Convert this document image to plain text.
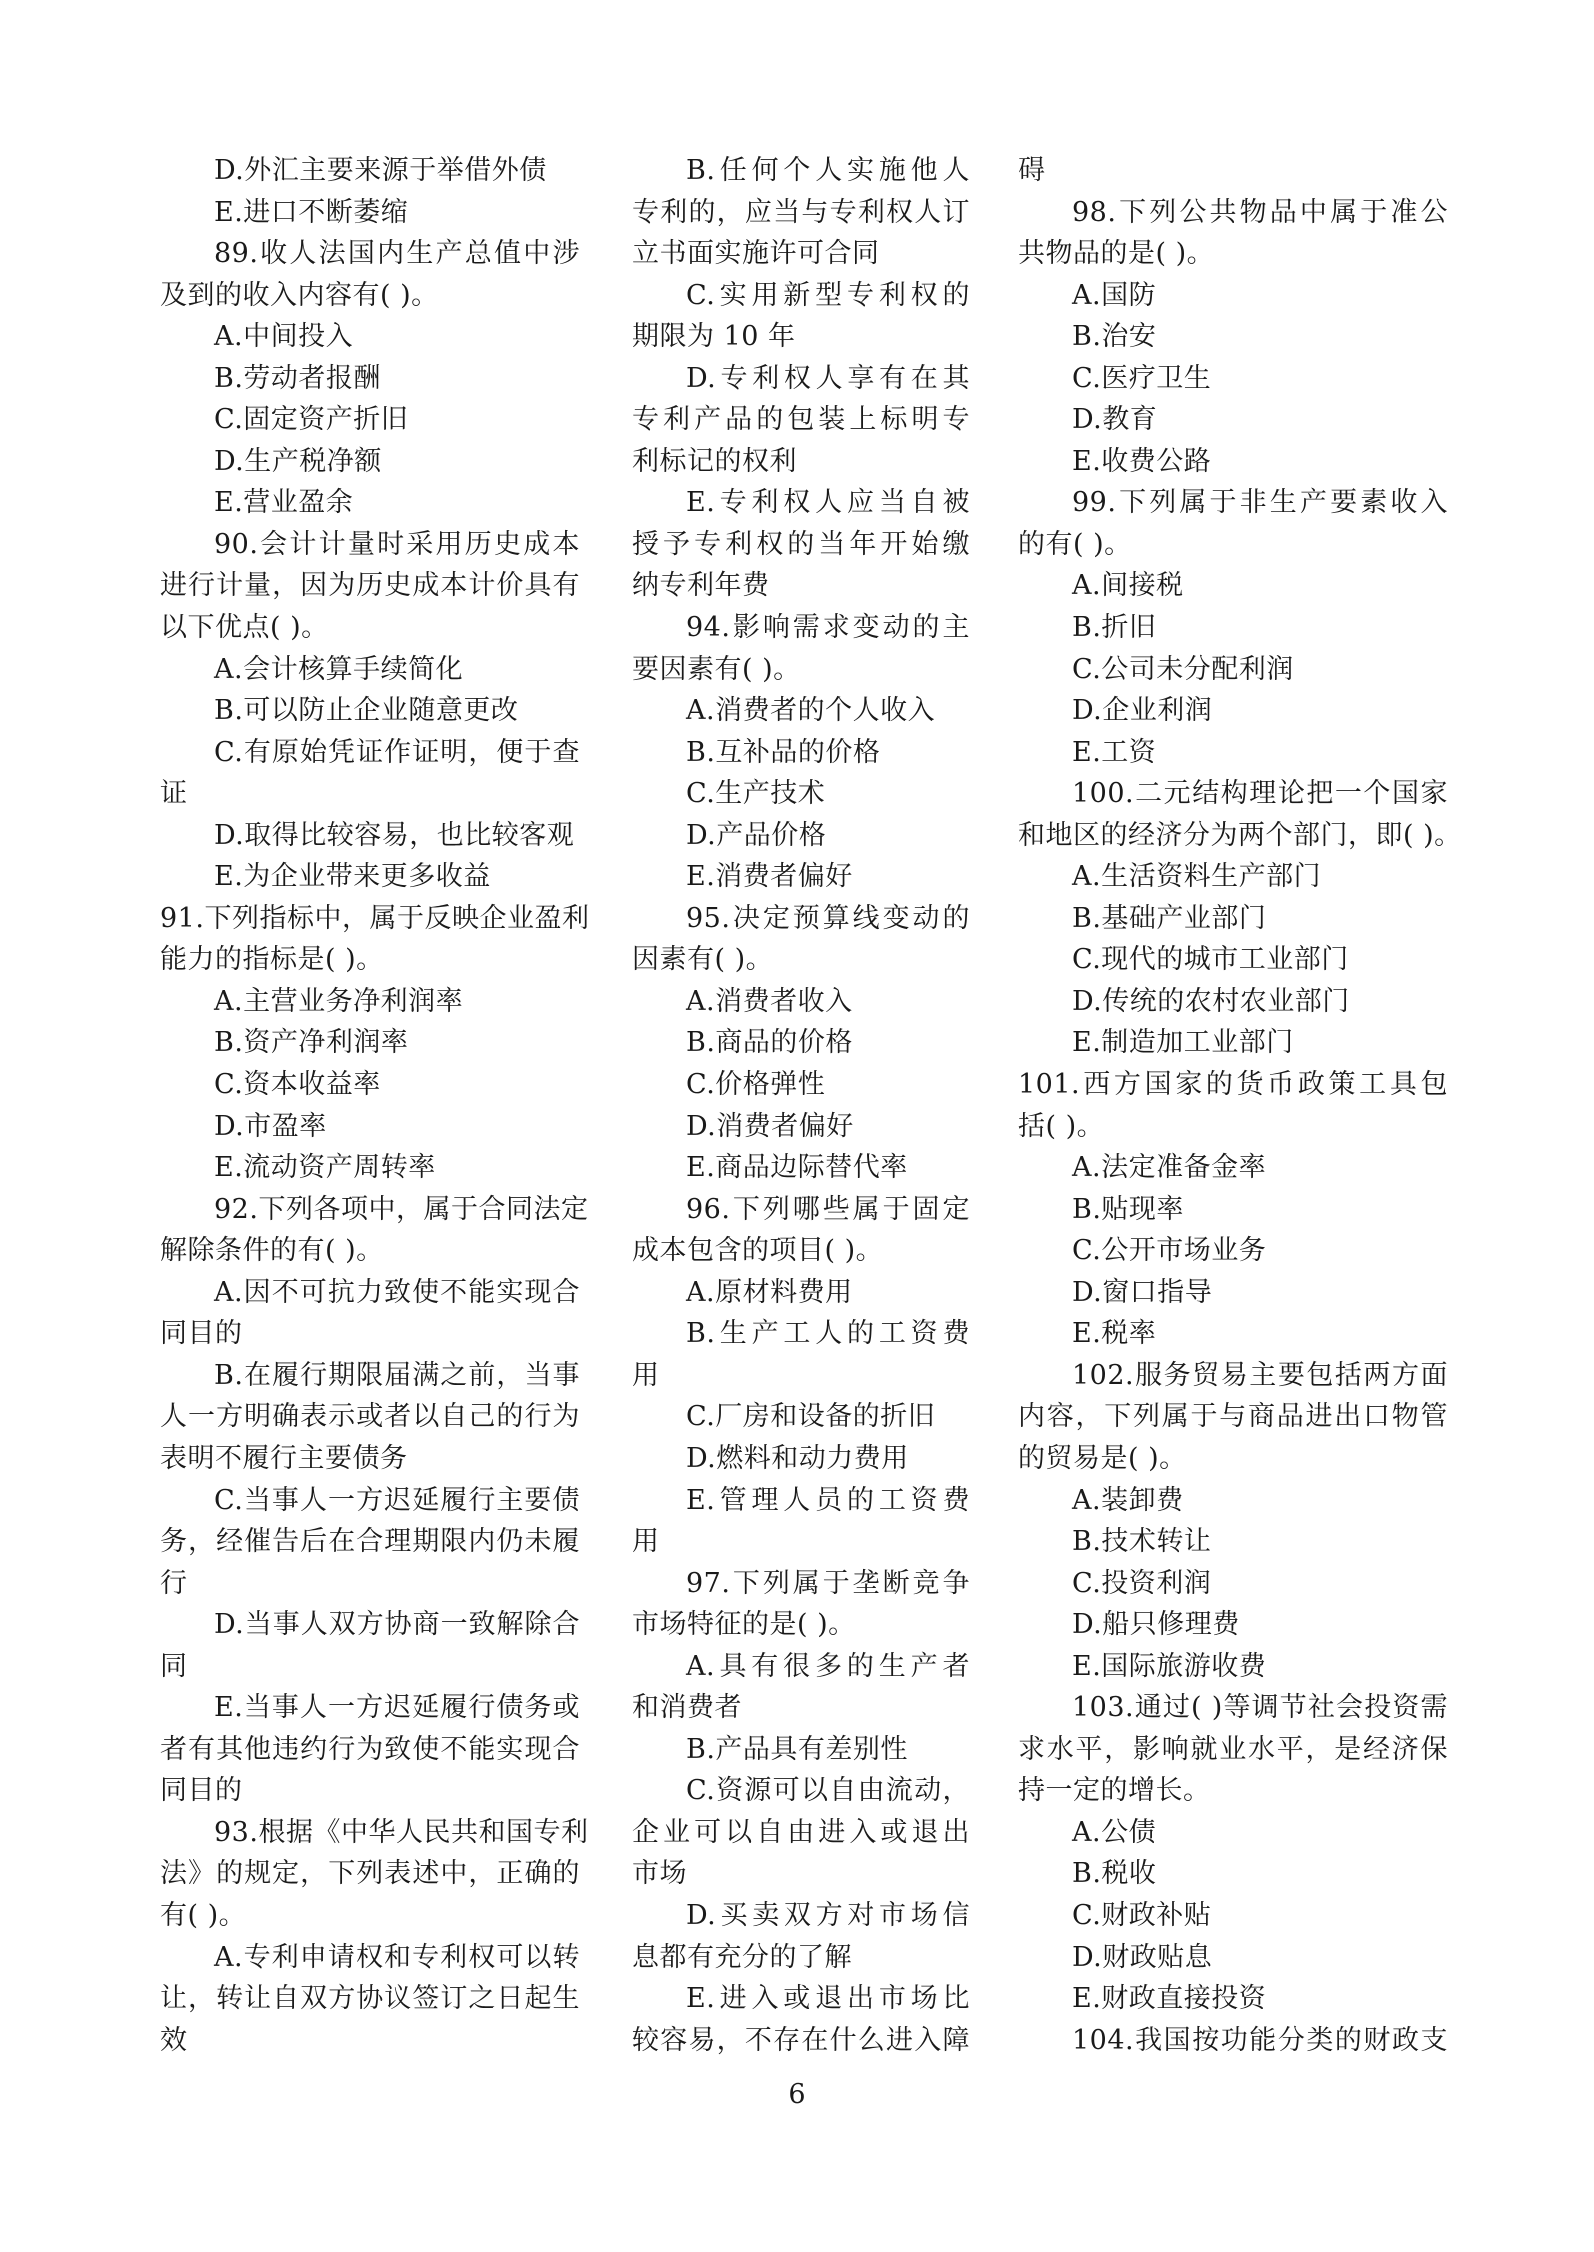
D.外汇主要来源于举借外债
E.进口不断萎缩
89.收人法国内生产总值中涉
及到的收入内容有( )。
A.中间投入
B.劳动者报酬
C.固定资产折旧
D.生产税净额
E.营业盈余
90.会计计量时采用历史成本
进行计量，因为历史成本计价具有
以下优点( )。
A.会计核算手续简化
B.可以防止企业随意更改
C.有原始凭证作证明，便于查
证
D.取得比较容易，也比较客观
E.为企业带来更多收益
91.下列指标中，属于反映企业盈利
能力的指标是( )。
A.主营业务净利润率
B.资产净利润率
C.资本收益率
D.市盈率
E.流动资产周转率
92.下列各项中，属于合同法定
解除条件的有( )。
A.因不可抗力致使不能实现合
同目的
B.在履行期限届满之前，当事
人一方明确表示或者以自己的行为
表明不履行主要债务
C.当事人一方迟延履行主要债
务，经催告后在合理期限内仍未履
行
D.当事人双方协商一致解除合
同
E.当事人一方迟延履行债务或
者有其他违约行为致使不能实现合
同目的
93.根据《中华人民共和国专利
法》的规定，下列表述中，正确的
有( )。
A.专利申请权和专利权可以转
让，转让自双方协议签订之日起生
效
B.任何个人实施他人
专利的，应当与专利权人订
立书面实施许可合同
C.实用新型专利权的
期限为 10 年
D.专利权人享有在其
专利产品的包装上标明专
利标记的权利
E.专利权人应当自被
授予专利权的当年开始缴
纳专利年费
94.影响需求变动的主
要因素有( )。
A.消费者的个人收入
B.互补品的价格
C.生产技术
D.产品价格
E.消费者偏好
95.决定预算线变动的
因素有( )。
A.消费者收入
B.商品的价格
C.价格弹性
D.消费者偏好
E.商品边际替代率
96.下列哪些属于固定
成本包含的项目( )。
A.原材料费用
B.生产工人的工资费
用
C.厂房和设备的折旧
D.燃料和动力费用
E.管理人员的工资费
用
97.下列属于垄断竞争
市场特征的是( )。
A.具有很多的生产者
和消费者
B.产品具有差别性
C.资源可以自由流动，
企业可以自由进入或退出
市场
D.买卖双方对市场信
息都有充分的了解
E.进入或退出市场比
较容易，不存在什么进入障
碍
98.下列公共物品中属于准公
共物品的是( )。
A.国防
B.治安
C.医疗卫生
D.教育
E.收费公路
99.下列属于非生产要素收入
的有( )。
A.间接税
B.折旧
C.公司未分配利润
D.企业利润
E.工资
100.二元结构理论把一个国家
和地区的经济分为两个部门，即( )。
A.生活资料生产部门
B.基础产业部门
C.现代的城市工业部门
D.传统的农村农业部门
E.制造加工业部门
101.西方国家的货币政策工具包
括( )。
A.法定准备金率
B.贴现率
C.公开市场业务
D.窗口指导
E.税率
102.服务贸易主要包括两方面
内容，下列属于与商品进出口物管
的贸易是( )。
A.装卸费
B.技术转让
C.投资利润
D.船只修理费
E.国际旅游收费
103.通过( )等调节社会投资需
求水平，影响就业水平，是经济保
持一定的增长。
A.公债
B.税收
C.财政补贴
D.财政贴息
E.财政直接投资
104.我国按功能分类的财政支
6
